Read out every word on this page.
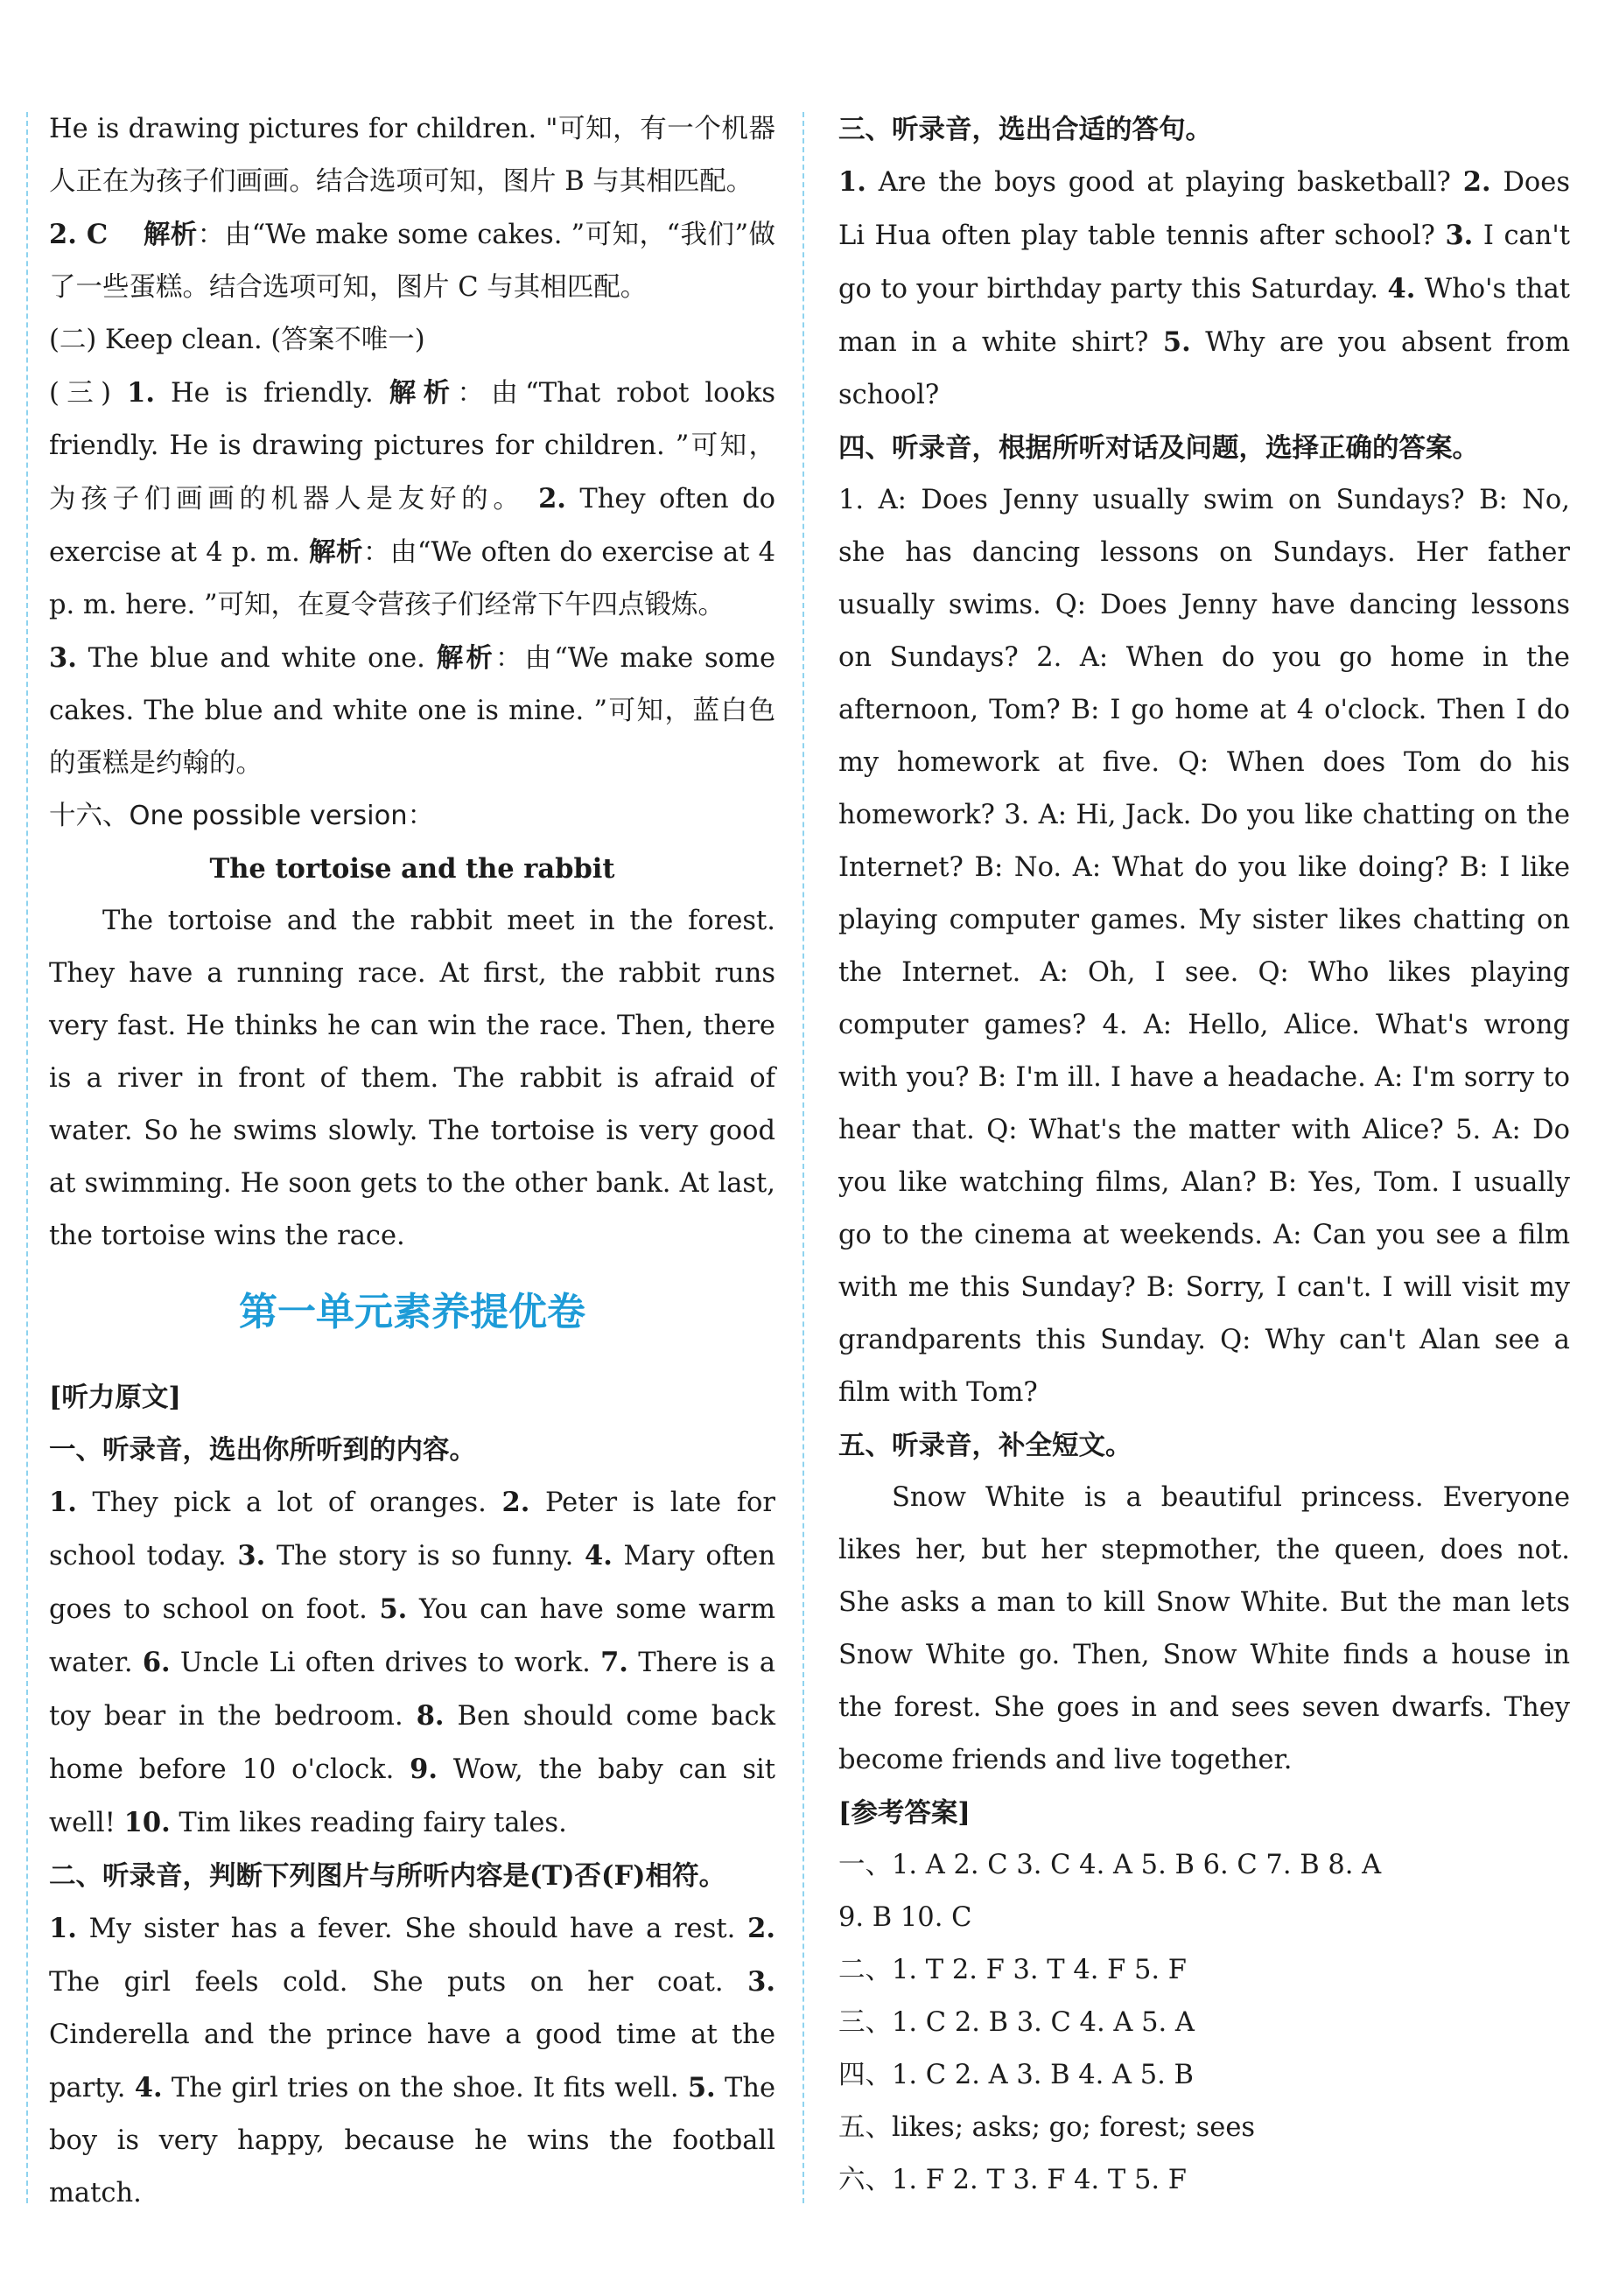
He is drawing pictures for children. "可知，有一个机器人正在为孩子们画画。结合选项可知，图片 B 与其相匹配。

2. C 解析：由“We make some cakes. ”可知，“我们”做了一些蛋糕。结合选项可知，图片 C 与其相匹配。

(二) Keep clean. (答案不唯一)

(三) 1. He is friendly. 解析：由“That robot looks friendly. He is drawing pictures for children. ”可知，为孩子们画画的机器人是友好的。 2. They often do exercise at 4 p. m. 解析：由“We often do exercise at 4 p. m. here. ”可知，在夏令营孩子们经常下午四点锻炼。

3. The blue and white one. 解析：由“We make some cakes. The blue and white one is mine. ”可知，蓝白色的蛋糕是约翰的。

十六、One possible version：

The tortoise and the rabbit

The tortoise and the rabbit meet in the forest. They have a running race. At first, the rabbit runs very fast. He thinks he can win the race. Then, there is a river in front of them. The rabbit is afraid of water. So he swims slowly. The tortoise is very good at swimming. He soon gets to the other bank. At last, the tortoise wins the race.

第一单元素养提优卷

[听力原文]

一、听录音，选出你所听到的内容。

1. They pick a lot of oranges. 2. Peter is late for school today. 3. The story is so funny. 4. Mary often goes to school on foot. 5. You can have some warm water. 6. Uncle Li often drives to work. 7. There is a toy bear in the bedroom. 8. Ben should come back home before 10 o'clock. 9. Wow, the baby can sit well! 10. Tim likes reading fairy tales.

二、听录音，判断下列图片与所听内容是(T)否(F)相符。

1. My sister has a fever. She should have a rest. 2. The girl feels cold. She puts on her coat. 3. Cinderella and the prince have a good time at the party. 4. The girl tries on the shoe. It fits well. 5. The boy is very happy, because he wins the football match.

三、听录音，选出合适的答句。

1. Are the boys good at playing basketball? 2. Does Li Hua often play table tennis after school? 3. I can't go to your birthday party this Saturday. 4. Who's that man in a white shirt? 5. Why are you absent from school?

四、听录音，根据所听对话及问题，选择正确的答案。

1. A: Does Jenny usually swim on Sundays? B: No, she has dancing lessons on Sundays. Her father usually swims. Q: Does Jenny have dancing lessons on Sundays? 2. A: When do you go home in the afternoon, Tom? B: I go home at 4 o'clock. Then I do my homework at five. Q: When does Tom do his homework? 3. A: Hi, Jack. Do you like chatting on the Internet? B: No. A: What do you like doing? B: I like playing computer games. My sister likes chatting on the Internet. A: Oh, I see. Q: Who likes playing computer games? 4. A: Hello, Alice. What's wrong with you? B: I'm ill. I have a headache. A: I'm sorry to hear that. Q: What's the matter with Alice? 5. A: Do you like watching films, Alan? B: Yes, Tom. I usually go to the cinema at weekends. A: Can you see a film with me this Sunday? B: Sorry, I can't. I will visit my grandparents this Sunday. Q: Why can't Alan see a film with Tom?

五、听录音，补全短文。

Snow White is a beautiful princess. Everyone likes her, but her stepmother, the queen, does not. She asks a man to kill Snow White. But the man lets Snow White go. Then, Snow White finds a house in the forest. She goes in and sees seven dwarfs. They become friends and live together.

[参考答案]

一、1. A 2. C 3. C 4. A 5. B 6. C 7. B 8. A

9. B 10. C

二、1. T 2. F 3. T 4. F 5. F

三、1. C 2. B 3. C 4. A 5. A

四、1. C 2. A 3. B 4. A 5. B

五、likes; asks; go; forest; sees

六、1. F 2. T 3. F 4. T 5. F
